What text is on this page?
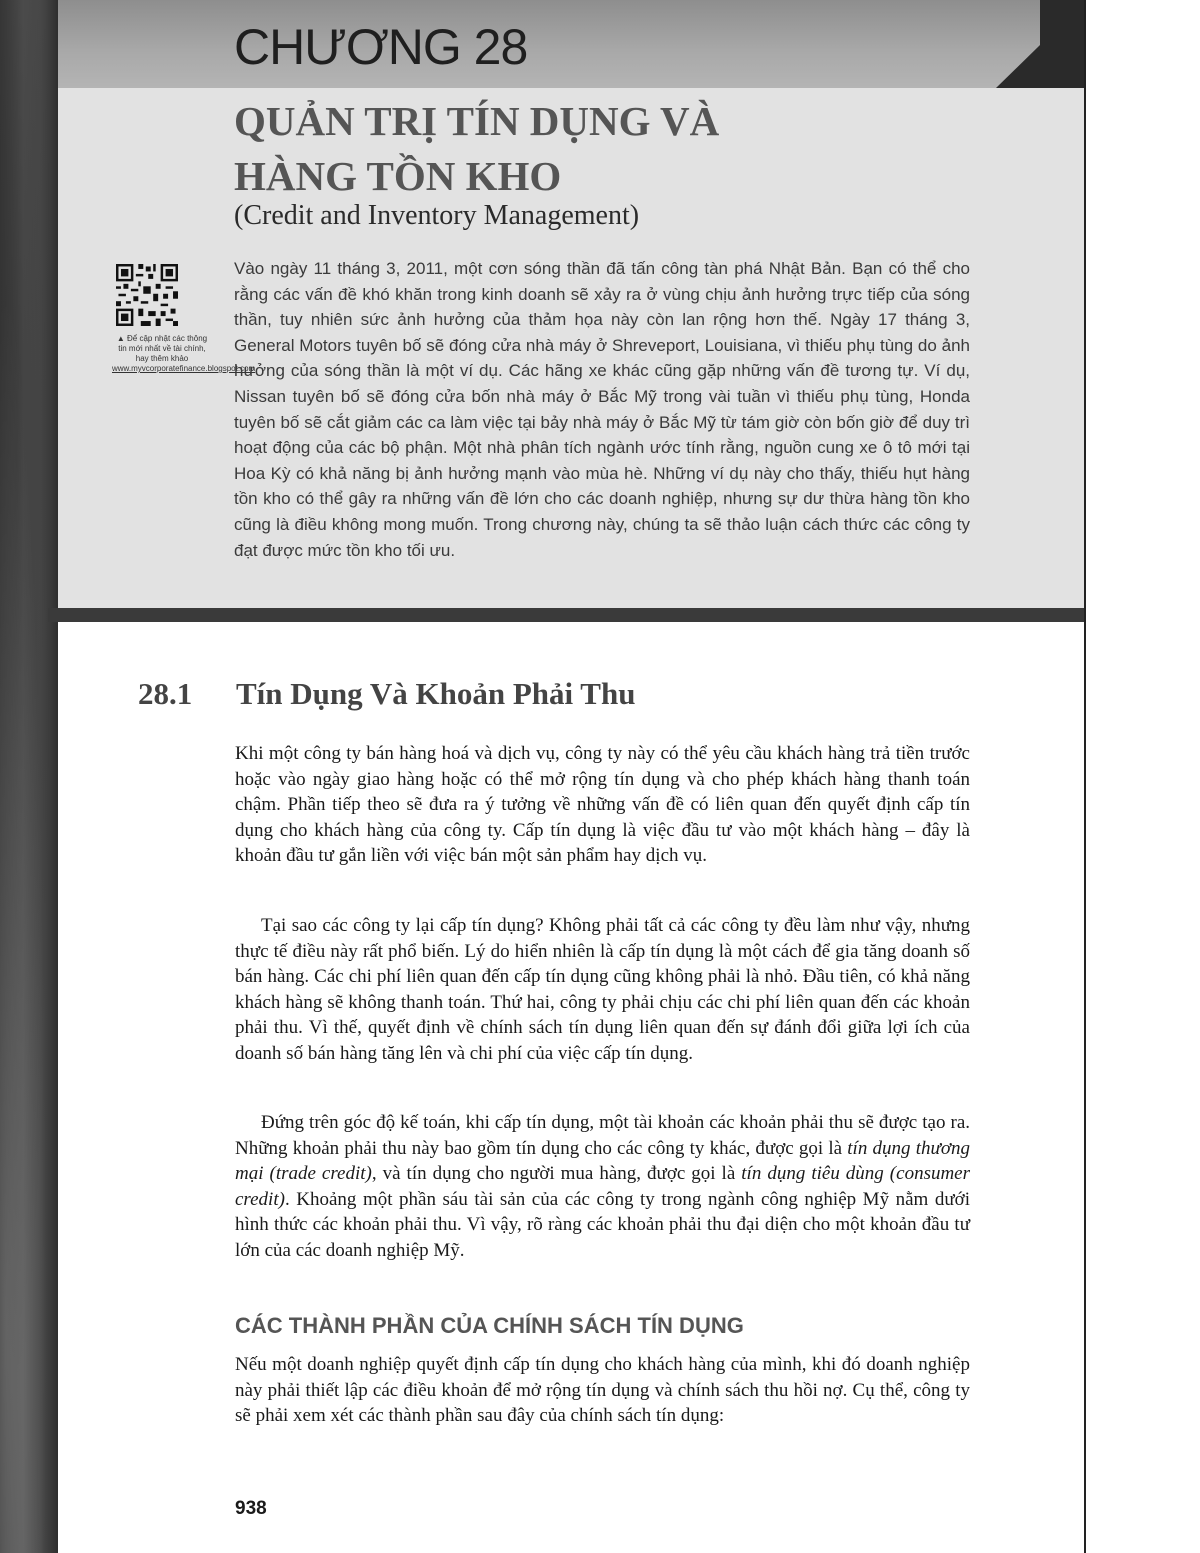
CHƯƠNG 28
QUẢN TRỊ TÍN DỤNG VÀ
HÀNG TỒN KHO
(Credit and Inventory Management)
▲ Để cập nhật các thông tin mới nhất về tài chính, hay thêm khảo www.myvcorporatefinance.blogspot.com

Vào ngày 11 tháng 3, 2011, một cơn sóng thần đã tấn công tàn phá Nhật Bản. Bạn có thể cho rằng các vấn đề khó khăn trong kinh doanh sẽ xảy ra ở vùng chịu ảnh hưởng trực tiếp của sóng thần, tuy nhiên sức ảnh hưởng của thảm họa này còn lan rộng hơn thế. Ngày 17 tháng 3, General Motors tuyên bố sẽ đóng cửa nhà máy ở Shreveport, Louisiana, vì thiếu phụ tùng do ảnh hưởng của sóng thần là một ví dụ. Các hãng xe khác cũng gặp những vấn đề tương tự. Ví dụ, Nissan tuyên bố sẽ đóng cửa bốn nhà máy ở Bắc Mỹ trong vài tuần vì thiếu phụ tùng, Honda tuyên bố sẽ cắt giảm các ca làm việc tại bảy nhà máy ở Bắc Mỹ từ tám giờ còn bốn giờ để duy trì hoạt động của các bộ phận. Một nhà phân tích ngành ước tính rằng, nguồn cung xe ô tô mới tại Hoa Kỳ có khả năng bị ảnh hưởng mạnh vào mùa hè. Những ví dụ này cho thấy, thiếu hụt hàng tồn kho có thể gây ra những vấn đề lớn cho các doanh nghiệp, nhưng sự dư thừa hàng tồn kho cũng là điều không mong muốn. Trong chương này, chúng ta sẽ thảo luận cách thức các công ty đạt được mức tồn kho tối ưu.

28.1 Tín Dụng Và Khoản Phải Thu

Khi một công ty bán hàng hoá và dịch vụ, công ty này có thể yêu cầu khách hàng trả tiền trước hoặc vào ngày giao hàng hoặc có thể mở rộng tín dụng và cho phép khách hàng thanh toán chậm. Phần tiếp theo sẽ đưa ra ý tưởng về những vấn đề có liên quan đến quyết định cấp tín dụng cho khách hàng của công ty. Cấp tín dụng là việc đầu tư vào một khách hàng – đây là khoản đầu tư gắn liền với việc bán một sản phẩm hay dịch vụ.

Tại sao các công ty lại cấp tín dụng? Không phải tất cả các công ty đều làm như vậy, nhưng thực tế điều này rất phổ biến. Lý do hiển nhiên là cấp tín dụng là một cách để gia tăng doanh số bán hàng. Các chi phí liên quan đến cấp tín dụng cũng không phải là nhỏ. Đầu tiên, có khả năng khách hàng sẽ không thanh toán. Thứ hai, công ty phải chịu các chi phí liên quan đến các khoản phải thu. Vì thế, quyết định về chính sách tín dụng liên quan đến sự đánh đổi giữa lợi ích của doanh số bán hàng tăng lên và chi phí của việc cấp tín dụng.

Đứng trên góc độ kế toán, khi cấp tín dụng, một tài khoản các khoản phải thu sẽ được tạo ra. Những khoản phải thu này bao gồm tín dụng cho các công ty khác, được gọi là tín dụng thương mại (trade credit), và tín dụng cho người mua hàng, được gọi là tín dụng tiêu dùng (consumer credit). Khoảng một phần sáu tài sản của các công ty trong ngành công nghiệp Mỹ nằm dưới hình thức các khoản phải thu. Vì vậy, rõ ràng các khoản phải thu đại diện cho một khoản đầu tư lớn của các doanh nghiệp Mỹ.

CÁC THÀNH PHẦN CỦA CHÍNH SÁCH TÍN DỤNG

Nếu một doanh nghiệp quyết định cấp tín dụng cho khách hàng của mình, khi đó doanh nghiệp này phải thiết lập các điều khoản để mở rộng tín dụng và chính sách thu hồi nợ. Cụ thể, công ty sẽ phải xem xét các thành phần sau đây của chính sách tín dụng:

938
